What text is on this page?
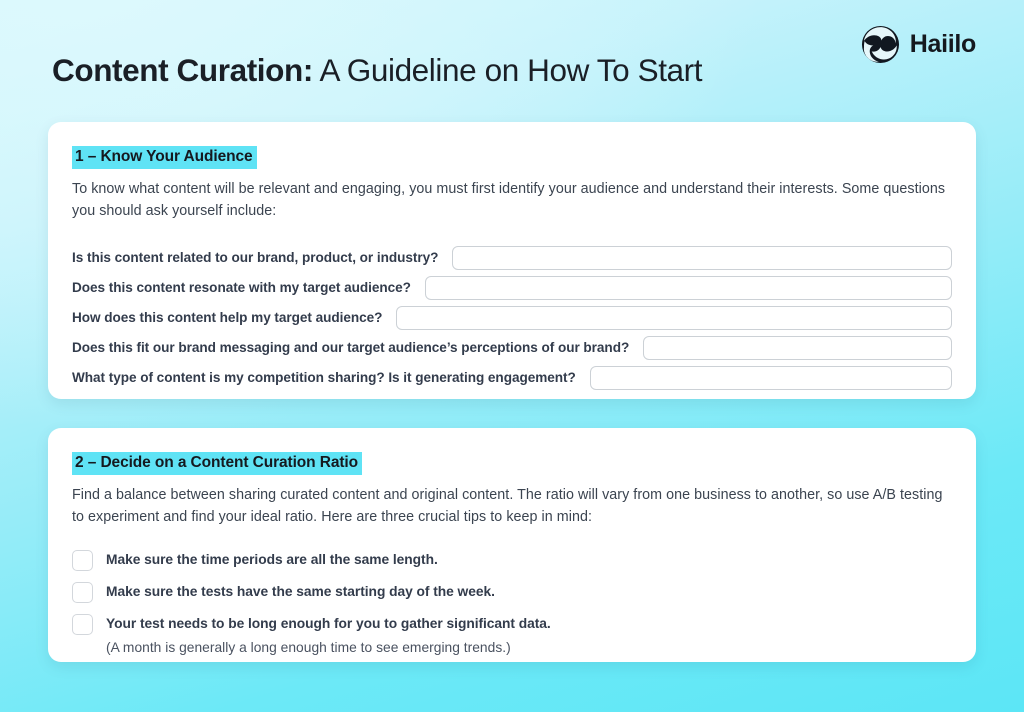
Content Curation: A Guideline on How To Start
Haiilo
1 – Know Your Audience

To know what content will be relevant and engaging, you must first identify your audience and understand their interests. Some questions you should ask yourself include:

Is this content related to our brand, product, or industry?
Does this content resonate with my target audience?
How does this content help my target audience?
Does this fit our brand messaging and our target audience’s perceptions of our brand?
What type of content is my competition sharing? Is it generating engagement?
2 – Decide on a Content Curation Ratio

Find a balance between sharing curated content and original content. The ratio will vary from one business to another, so use A/B testing to experiment and find your ideal ratio. Here are three crucial tips to keep in mind:

Make sure the time periods are all the same length.
Make sure the tests have the same starting day of the week.
Your test needs to be long enough for you to gather significant data.
(A month is generally a long enough time to see emerging trends.)
